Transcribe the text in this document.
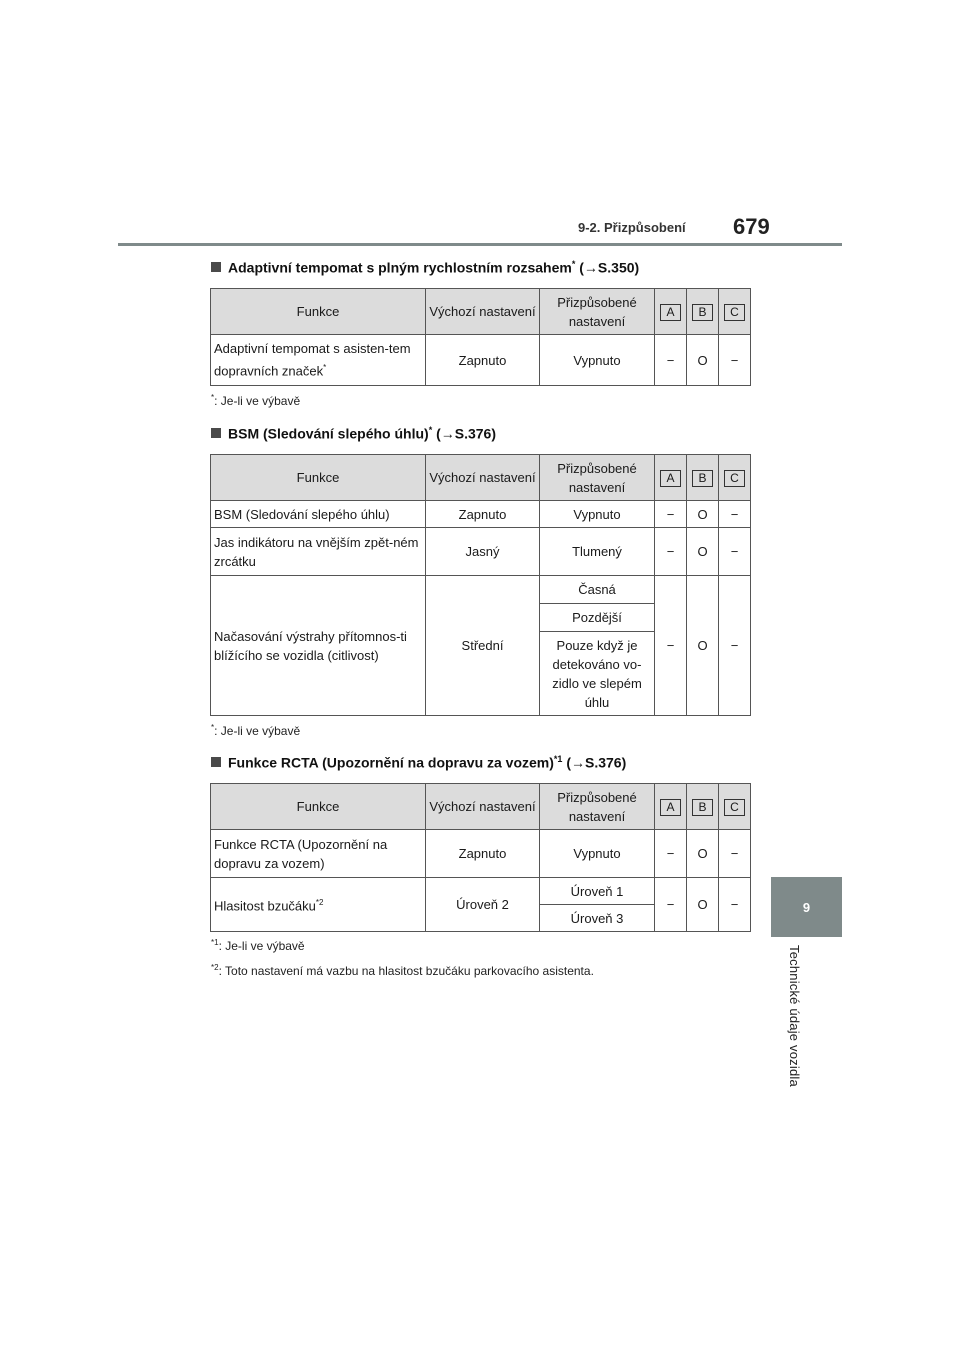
9-2. Přizpůsobení 679
9
Technické údaje vozidla
Adaptivní tempomat s plným rychlostním rozsahem* (→S.350)
Funkce	Výchozí nastavení	Přizpůsobené nastavení	A	B	C
Adaptivní tempomat s asisten-tem dopravních značek*	Zapnuto	Vypnuto	−	O	−
*: Je-li ve výbavě
BSM (Sledování slepého úhlu)* (→S.376)
Funkce	Výchozí nastavení	Přizpůsobené nastavení	A	B	C
BSM (Sledování slepého úhlu)	Zapnuto	Vypnuto	−	O	−
Jas indikátoru na vnějším zpět-ném zrcátku	Jasný	Tlumený	−	O	−
Načasování výstrahy přítomnos-ti blížícího se vozidla (citlivost)	Střední	Časná	−	O	−
		Pozdější			
		Pouze když je detekováno vo-zidlo ve slepém úhlu			
*: Je-li ve výbavě
Funkce RCTA (Upozornění na dopravu za vozem)$^{*1}$ (→S.376)
Funkce	Výchozí nastavení	Přizpůsobené nastavení	A	B	C
Funkce RCTA (Upozornění na dopravu za vozem)	Zapnuto	Vypnuto	−	O	−
Hlasitost bzučáku$^{*2}$	Úroveň 2	Úroveň 1	−	O	−
		Úroveň 3			
$^{*1}$: Je-li ve výbavě
$^{*2}$: Toto nastavení má vazbu na hlasitost bzučáku parkovacího asistenta.
